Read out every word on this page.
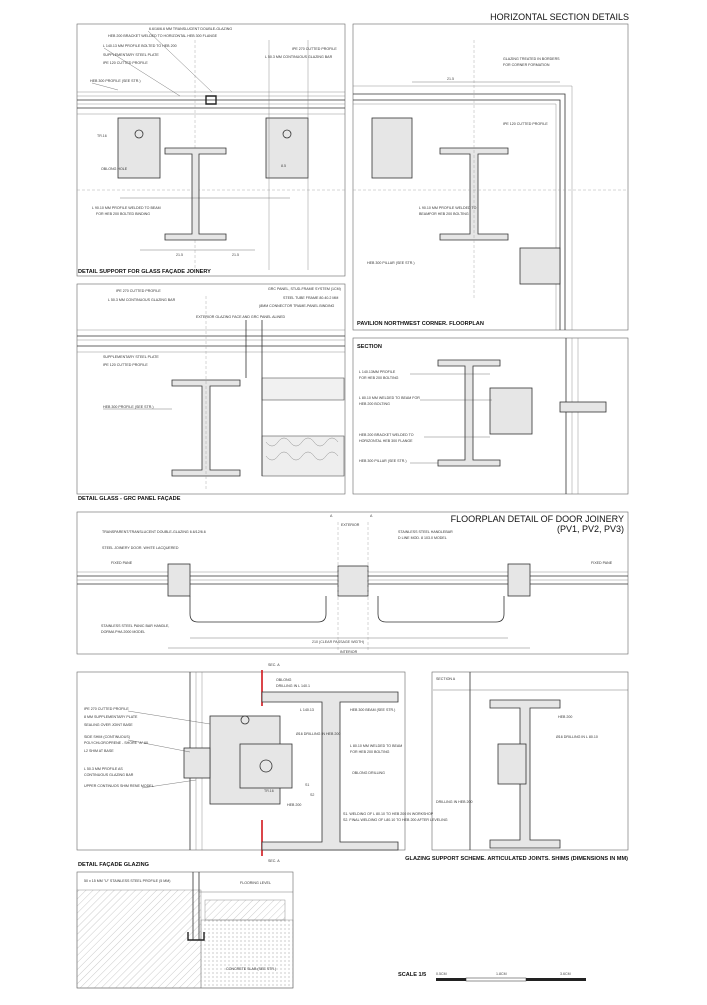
HORIZONTAL SECTION DETAILS
6.6/16/6.6 MM TRANSLUCENT DOUBLE-GLAZING
HEB 200 BRACKET WELDED TO HORIZONTAL HEB 300 FLANGE
L 140.13 MM PROFILE BOLTED TO HEB 200
SUPPLEMENTARY STEEL PLATE
IPE 120 CUTTED PROFILE
HEB 300 PROFILE (SEE STR.)
OBLONG HOLE
L 90.10 MM PROFILE WELDED TO BEAM
FOR HEB 200 BOLTED BINDING
IPE 270 CUTTED PROFILE
L 50.3 MM CONTINUOUS GLAZING BAR
TR.16
21.5	21.5
8.5
DETAIL SUPPORT FOR GLASS FAÇADE JOINERY
GLAZING TREATED IN BORDERS
FOR CORNER FORMATION
IPE 120 CUTTED PROFILE
L 90.10 MM PROFILE WELDED TO
BEAMFOR HEB 200 BOLTING
HEB 300 PILLAR (SEE STR.)
21.5
PAVILION NORTHWEST CORNER. FLOORPLAN
IPE 270 CUTTED PROFILE
L 50.3 MM CONTINUOUS GLAZING BAR
GRC PANEL, STUD-FRAME SYSTEM (1CM)
STEEL TUBE FRAME 80.40.2 MM
(8MM CONNECTOR TRAME-PANEL BINDING
EXTERIOR GLAZING FACE AND GRC PANEL ALINED
SUPPLEMENTARY STEEL PLATE
IPE 120 CUTTED PROFILE
HEB 300 PROFILE (SEE STR.)
DETAIL GLASS - GRC PANEL FAÇADE
SECTION
L 140.13MM PROFILE
FOR HEB 200 BOLTING
L 80.10 MM WELDED TO BEAM FOR
HEB 200 BOLTING
HEB 200 BRACKET WELDED TO
HORIZONTAL HEB 300 FLANGE
HEB 300 PILLAR (SEE STR.)
FLOORPLAN DETAIL OF DOOR JOINERY
(PV1, PV2, PV3)
TRANSPARENT/TRANSLUCENT DOUBLE-GLAZING 6.6/12/6.6
STEEL JOINERY DOOR. WHITE LACQUERED
FIXED PANE
STAINLESS STEEL PANIC BAR HANDLE,
DORMA PHA 2000 MODEL
EXTERIOR
STAINLESS STEEL HANDLEBAR
D LINE MOD. 8 103.0 MODEL
FIXED PANE
INTERIOR
210 (CLEAR PASSAGE WIDTH)
A	A
SECTION A
IPE 270 CUTTED PROFILE
8 MM SUPPLEMENTARY PLATE
SEALING OVER JOINT BASE
SIDE SHIM (CONTINUOUS)
POLYCHLOROPRENE - SHORE "A" 60
L2 SHIM AT BASE
L 50.3 MM PROFILE AS
CONTINUOUS GLAZING BAR
UPPER CONTINUOS SHIM RENE MODEL
OBLONG
DRILLING IN L 140.1
L 140.13	HEB 300 BEAM (SEE STR.)
Ø16 DRILLING IN HEB 200
L 80.10 MM WELDED TO BEAM
FOR HEB 200 BOLTING
OBLONG DRILLING
HEB 200
S1. WELDING OF L 80.10 TO HEB 200 IN WORKSHOP
S2. FINAL WELDING OF L80.10 TO HEB 200 AFTER LEVELING
HEB 200
Ø16 DRILLING IN L 80.10
DRILLING IN HEB 200
SEC. A
SEC. A
S1
S2
TR.16
DETAIL FAÇADE GLAZING
GLAZING SUPPORT SCHEME. ARTICULATED JOINTS. SHIMS (DIMENSIONS IN MM)
50 x 15 MM "U" STAINLESS STEEL PROFILE (5 MM)	FLOORING LEVEL
CONCRETE SLAB (SEE STR.)
SCALE 1/5	0.5CM	1.8CM	3.6CM
